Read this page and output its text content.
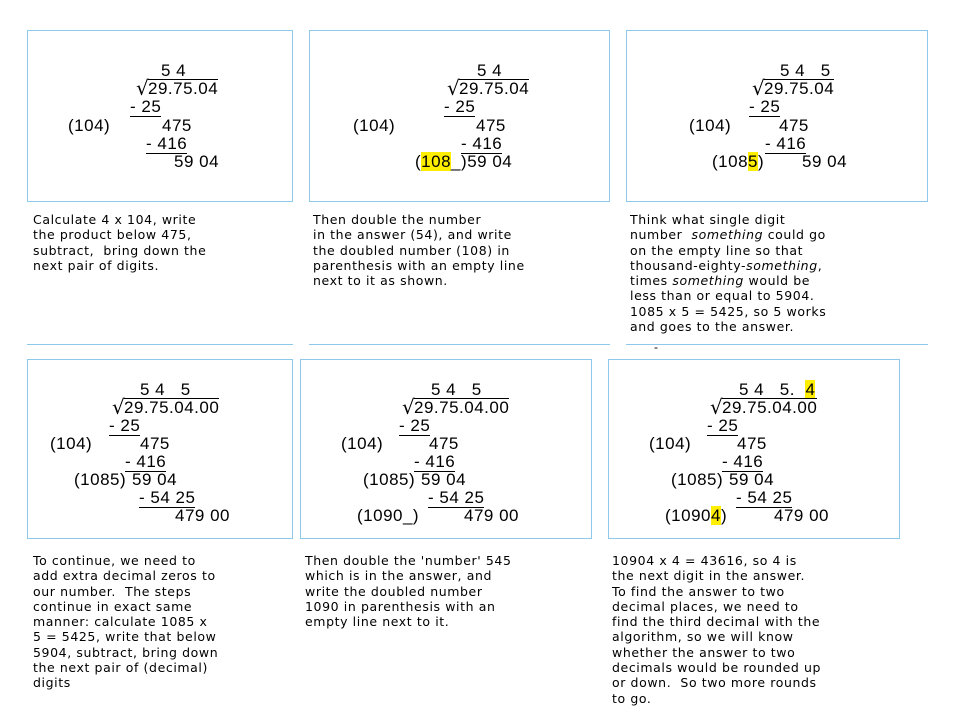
5 4
√ 29.75.04
- 25
(104)	475
- 416
59 04
5 4
√ 29.75.04
- 25
(104)	475
- 416
(108_)59 04
5 4   5
√ 29.75.04
- 25
(104)	475
- 416
(1085) 59 04
Calculate 4 x 104, write
the product below 475,
subtract,  bring down the
next pair of digits.
Then double the number
in the answer (54), and write
the doubled number (108) in
parenthesis with an empty line
next to it as shown.
Think what single digit
number  something could go
on the empty line so that
thousand-eighty-something,
times something would be
less than or equal to 5904.
1085 x 5 = 5425, so 5 works
and goes to the answer.
-
5 4   5
√ 29.75.04.00
- 25
(104)	475
- 416
(1085) 59 04
- 54 25
479 00
5 4   5
√ 29.75.04.00
- 25
(104)	475
- 416
(1085) 59 04
- 54 25
(1090_)	479 00
5 4   5.  4
√ 29.75.04.00
- 25
(104)	475
- 416
(1085) 59 04
- 54 25
(10904)	479 00
To continue, we need to
add extra decimal zeros to
our number.  The steps
continue in exact same
manner: calculate 1085 x
5 = 5425, write that below
5904, subtract, bring down
the next pair of (decimal)
digits
Then double the 'number' 545
which is in the answer, and
write the doubled number
1090 in parenthesis with an
empty line next to it.
10904 x 4 = 43616, so 4 is
the next digit in the answer.
To find the answer to two
decimal places, we need to
find the third decimal with the
algorithm, so we will know
whether the answer to two
decimals would be rounded up
or down.  So two more rounds
to go.
